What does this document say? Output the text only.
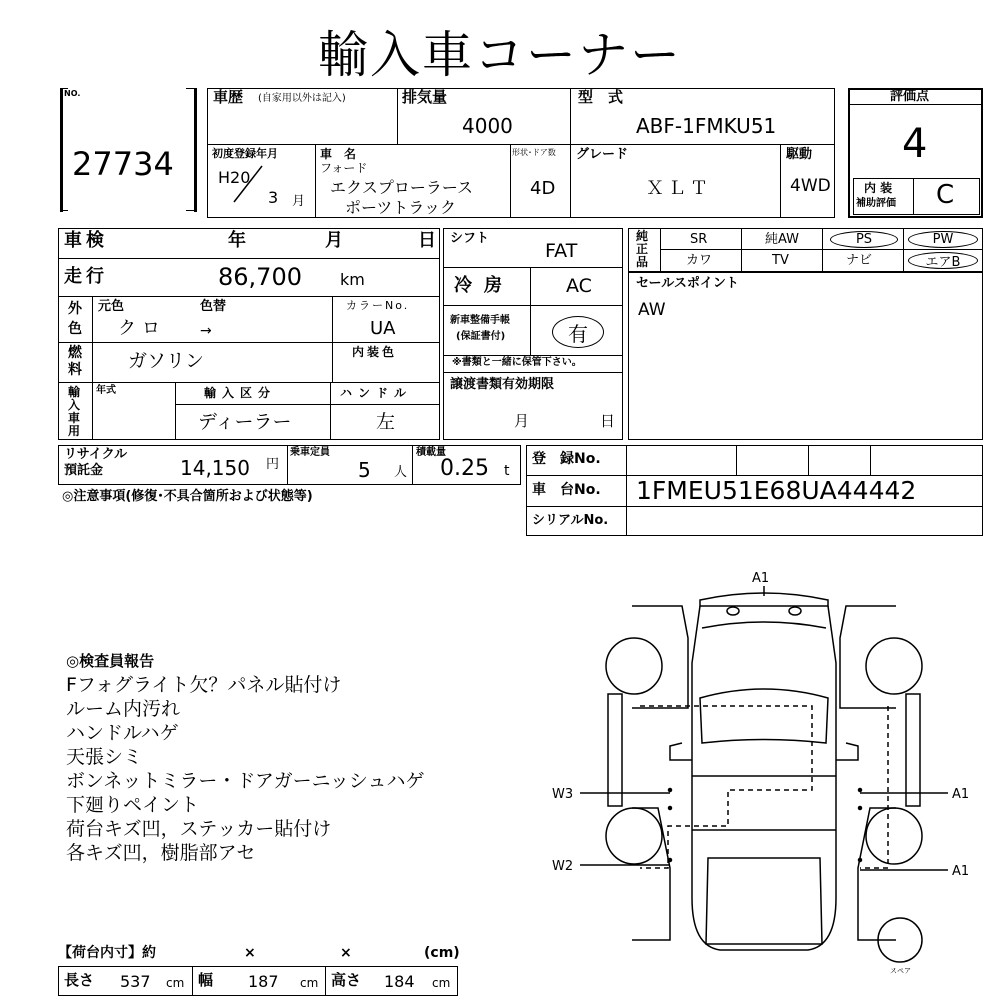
輸入車コーナー
NO.
27734
車歴 (自家用以外は記入)	排気量
4000
型　式
ABF-1FMKU51
初度登録年月
H20
3 月
車　名
フォード
エクスプローラース
ポーツトラック
形状･ドア数
4D
グレード
ＸＬＴ
駆動
4WD
評価点
4
内 装
補助評価 C
車検	年	月	日
走行	86,700 km
外
色
元色	色替
クロ →
カラーNo.
UA
燃
料 ガソリン	内装色
輸入車用
年式	輸入区分
ディーラー
ハンドル
左
リサイクル
預託金	14,150 円
乗車定員
5 人
積載量
0.25 t
◎注意事項(修復･不具合箇所および状態等)
シフト
FAT
冷房	AC
新車整備手帳
(保証書付)	有
※書類と一緒に保管下さい。
譲渡書類有効期限
月	日
純正品
SR	純AW	PS	PW
カワ	TV	ナビ	エアB
セールスポイント
AW
登　録No.
車　台No. 1FMEU51E68UA44442
シリアルNo.
◎検査員報告
Fフォグライト欠？パネル貼付け
ルーム内汚れ
ハンドルハゲ
天張シミ
ボンネットミラー・ドアガーニッシュハゲ
下廻りペイント
荷台キズ凹，ステッカー貼付け
各キズ凹，樹脂部アセ
【荷台内寸】約	×	×	(cm)
長さ 537 cm 幅 187 cm 高さ 184 cm
A1
W3
W2
A1
A1
スペア
